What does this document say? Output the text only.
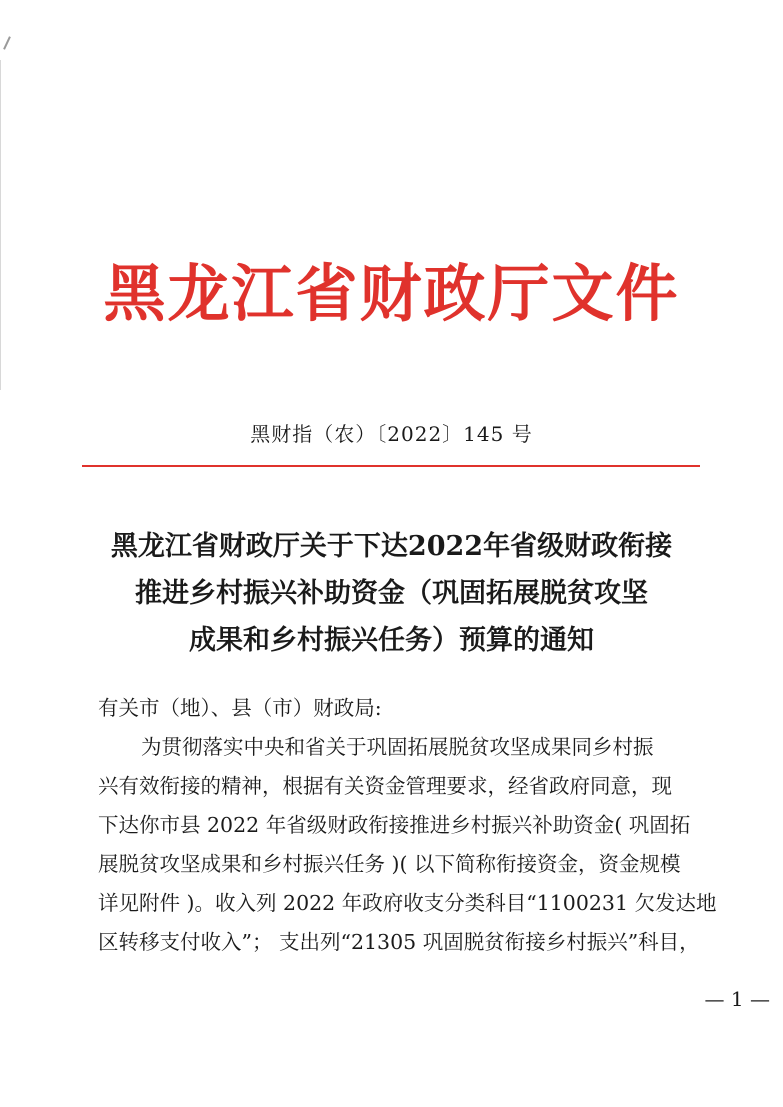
黑龙江省财政厅文件
黑财指（农）〔2022〕145 号
黑龙江省财政厅关于下达2022年省级财政衔接
推进乡村振兴补助资金（巩固拓展脱贫攻坚
成果和乡村振兴任务）预算的通知
有关市（地）、县（市）财政局:
为贯彻落实中央和省关于巩固拓展脱贫攻坚成果同乡村振
兴有效衔接的精神，根据有关资金管理要求，经省政府同意，现
下达你市县 2022 年省级财政衔接推进乡村振兴补助资金( 巩固拓
展脱贫攻坚成果和乡村振兴任务 )( 以下简称衔接资金，资金规模
详见附件 )。收入列 2022 年政府收支分类科目“1100231 欠发达地
区转移支付收入”； 支出列“21305 巩固脱贫衔接乡村振兴”科目，
— 1 —
